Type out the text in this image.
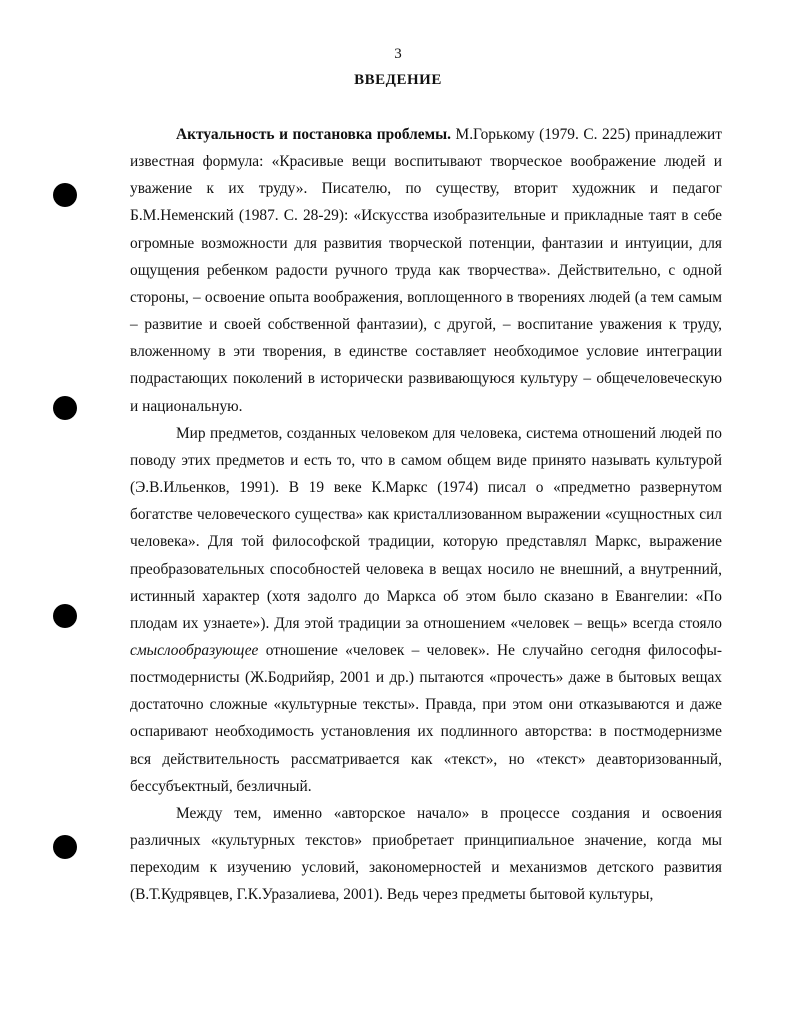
3
ВВЕДЕНИЕ

Актуальность и постановка проблемы. М.Горькому (1979. С. 225) принадлежит известная формула: «Красивые вещи воспитывают творческое воображение людей и уважение к их труду». Писателю, по существу, вторит художник и педагог Б.М.Неменский (1987. С. 28-29): «Искусства изобразительные и прикладные таят в себе огромные возможности для развития творческой потенции, фантазии и интуиции, для ощущения ребенком радости ручного труда как творчества». Действительно, с одной стороны, – освоение опыта воображения, воплощенного в творениях людей (а тем самым – развитие и своей собственной фантазии), с другой, – воспитание уважения к труду, вложенному в эти творения, в единстве составляет необходимое условие интеграции подрастающих поколений в исторически развивающуюся культуру – общечеловеческую и национальную.

Мир предметов, созданных человеком для человека, система отношений людей по поводу этих предметов и есть то, что в самом общем виде принято называть культурой (Э.В.Ильенков, 1991). В 19 веке К.Маркс (1974) писал о «предметно развернутом богатстве человеческого существа» как кристаллизованном выражении «сущностных сил человека». Для той философской традиции, которую представлял Маркс, выражение преобразовательных способностей человека в вещах носило не внешний, а внутренний, истинный характер (хотя задолго до Маркса об этом было сказано в Евангелии: «По плодам их узнаете»). Для этой традиции за отношением «человек – вещь» всегда стояло смыслообразующее отношение «человек – человек». Не случайно сегодня философы-постмодернисты (Ж.Бодрийяр, 2001 и др.) пытаются «прочесть» даже в бытовых вещах достаточно сложные «культурные тексты». Правда, при этом они отказываются и даже оспаривают необходимость установления их подлинного авторства: в постмодернизме вся действительность рассматривается как «текст», но «текст» деавторизованный, бессубъектный, безличный.

Между тем, именно «авторское начало» в процессе создания и освоения различных «культурных текстов» приобретает принципиальное значение, когда мы переходим к изучению условий, закономерностей и механизмов детского развития (В.Т.Кудрявцев, Г.К.Уразалиева, 2001). Ведь через предметы бытовой культуры,
